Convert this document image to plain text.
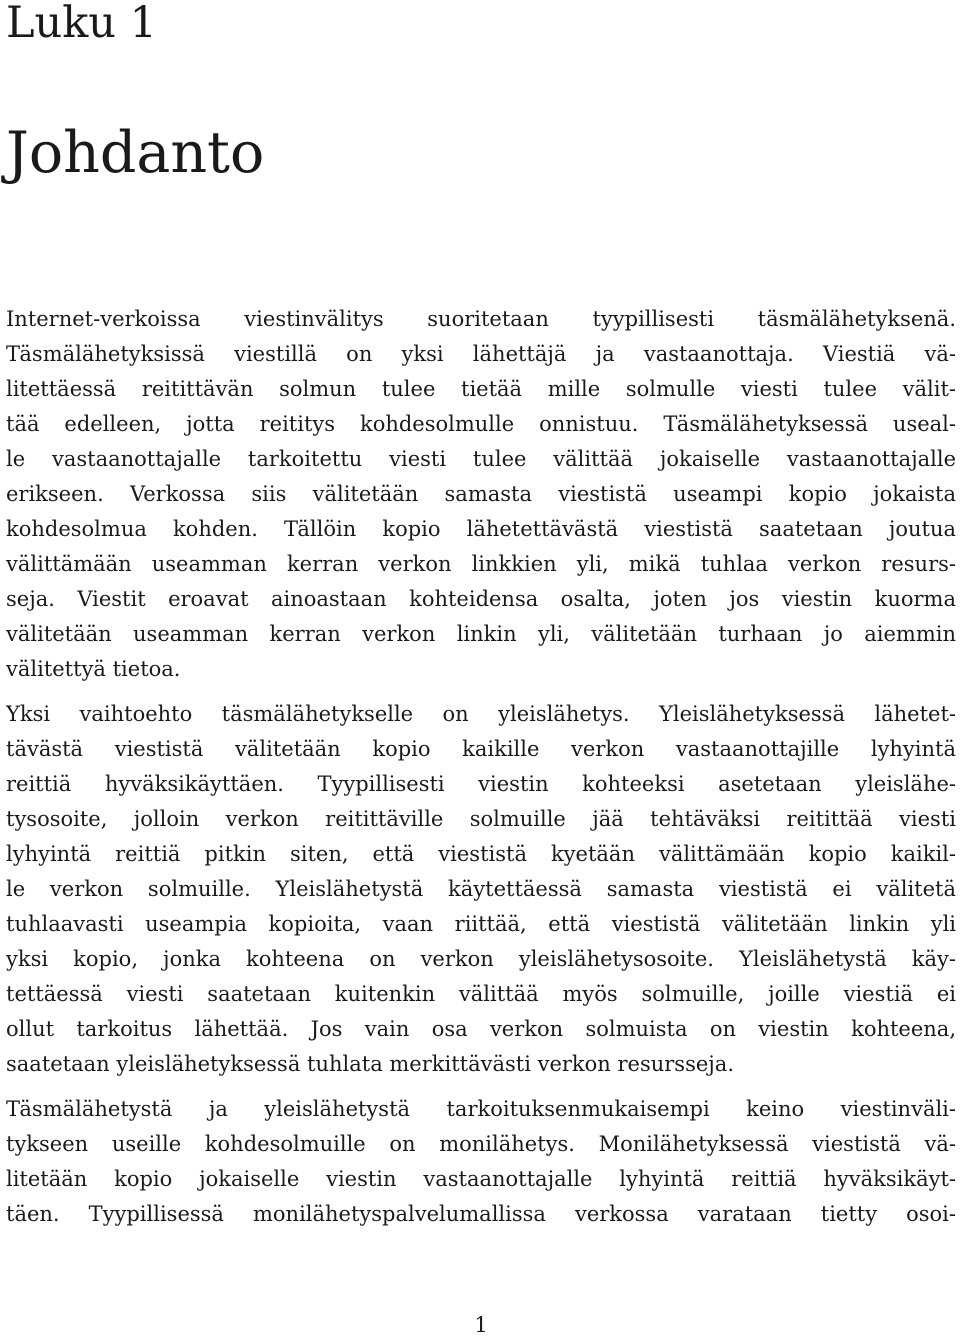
Luku 1
Johdanto

Internet-verkoissa viestinvälitys suoritetaan tyypillisesti täsmälähetyksenä.
Täsmälähetyksissä viestillä on yksi lähettäjä ja vastaanottaja. Viestiä vä-
litettäessä reitittävän solmun tulee tietää mille solmulle viesti tulee välit-
tää edelleen, jotta reititys kohdesolmulle onnistuu. Täsmälähetyksessä useal-
le vastaanottajalle tarkoitettu viesti tulee välittää jokaiselle vastaanottajalle
erikseen. Verkossa siis välitetään samasta viestistä useampi kopio jokaista
kohdesolmua kohden. Tällöin kopio lähetettävästä viestistä saatetaan joutua
välittämään useamman kerran verkon linkkien yli, mikä tuhlaa verkon resurs-
seja. Viestit eroavat ainoastaan kohteidensa osalta, joten jos viestin kuorma
välitetään useamman kerran verkon linkin yli, välitetään turhaan jo aiemmin
välitettyä tietoa.

Yksi vaihtoehto täsmälähetykselle on yleislähetys. Yleislähetyksessä lähetet-
tävästä viestistä välitetään kopio kaikille verkon vastaanottajille lyhyintä
reittiä hyväksikäyttäen. Tyypillisesti viestin kohteeksi asetetaan yleislähe-
tysosoite, jolloin verkon reitittäville solmuille jää tehtäväksi reitittää viesti
lyhyintä reittiä pitkin siten, että viestistä kyetään välittämään kopio kaikil-
le verkon solmuille. Yleislähetystä käytettäessä samasta viestistä ei välitetä
tuhlaavasti useampia kopioita, vaan riittää, että viestistä välitetään linkin yli
yksi kopio, jonka kohteena on verkon yleislähetysosoite. Yleislähetystä käy-
tettäessä viesti saatetaan kuitenkin välittää myös solmuille, joille viestiä ei
ollut tarkoitus lähettää. Jos vain osa verkon solmuista on viestin kohteena,
saatetaan yleislähetyksessä tuhlata merkittävästi verkon resursseja.

Täsmälähetystä ja yleislähetystä tarkoituksenmukaisempi keino viestinväli-
tykseen useille kohdesolmuille on monilähetys. Monilähetyksessä viestistä vä-
litetään kopio jokaiselle viestin vastaanottajalle lyhyintä reittiä hyväksikäyt-
täen. Tyypillisessä monilähetyspalvelumallissa verkossa varataan tietty osoi-

1
